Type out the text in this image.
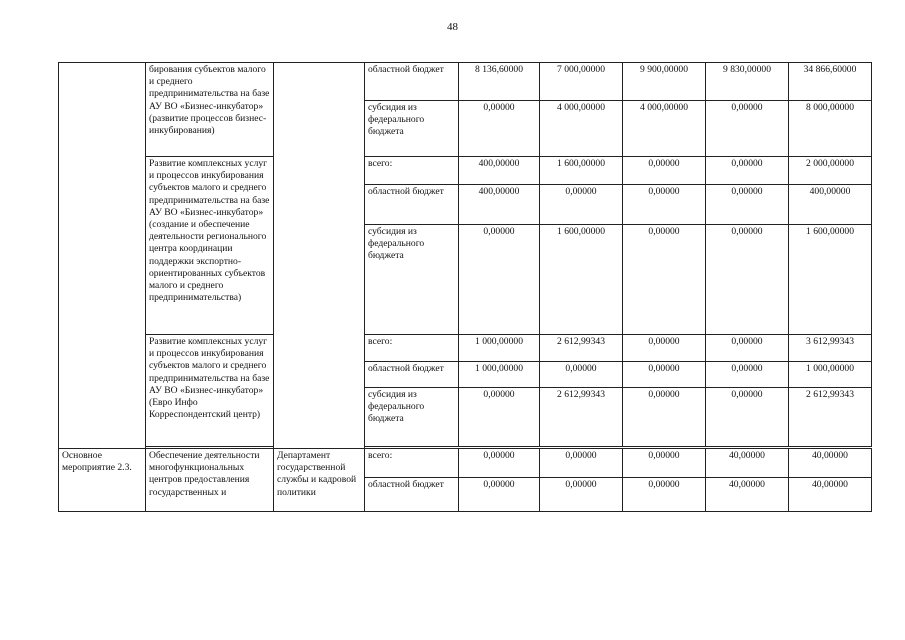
48
	бирования субъектов малого и среднего предпринимательства на базе АУ ВО «Бизнес-инкубатор» (развитие процессов бизнес-инкубирования)		областной бюджет	8 136,60000	7 000,00000	9 900,00000	9 830,00000	34 866,60000
			субсидия из федерального бюджета	0,00000	4 000,00000	4 000,00000	0,00000	8 000,00000
	Развитие комплексных услуг и процессов инкубирования субъектов малого и среднего предпринимательства на базе АУ ВО «Бизнес-инкубатор» (создание и обеспечение деятельности регионального центра координации поддержки экспортно-ориентированных субъектов малого и среднего предпринимательства)		всего:	400,00000	1 600,00000	0,00000	0,00000	2 000,00000
			областной бюджет	400,00000	0,00000	0,00000	0,00000	400,00000
			субсидия из федерального бюджета	0,00000	1 600,00000	0,00000	0,00000	1 600,00000
	Развитие комплексных услуг и процессов инкубирования субъектов малого и среднего предпринимательства на базе АУ ВО «Бизнес-инкубатор» (Евро Инфо Корреспондентский центр)		всего:	1 000,00000	2 612,99343	0,00000	0,00000	3 612,99343
			областной бюджет	1 000,00000	0,00000	0,00000	0,00000	1 000,00000
			субсидия из федерального бюджета	0,00000	2 612,99343	0,00000	0,00000	2 612,99343

Основное мероприятие 2.3.	Обеспечение деятельности многофункциональных центров предоставления государственных и	Департамент государственной службы и кадровой политики	всего:	0,00000	0,00000	0,00000	40,00000	40,00000
			областной бюджет	0,00000	0,00000	0,00000	40,00000	40,00000
